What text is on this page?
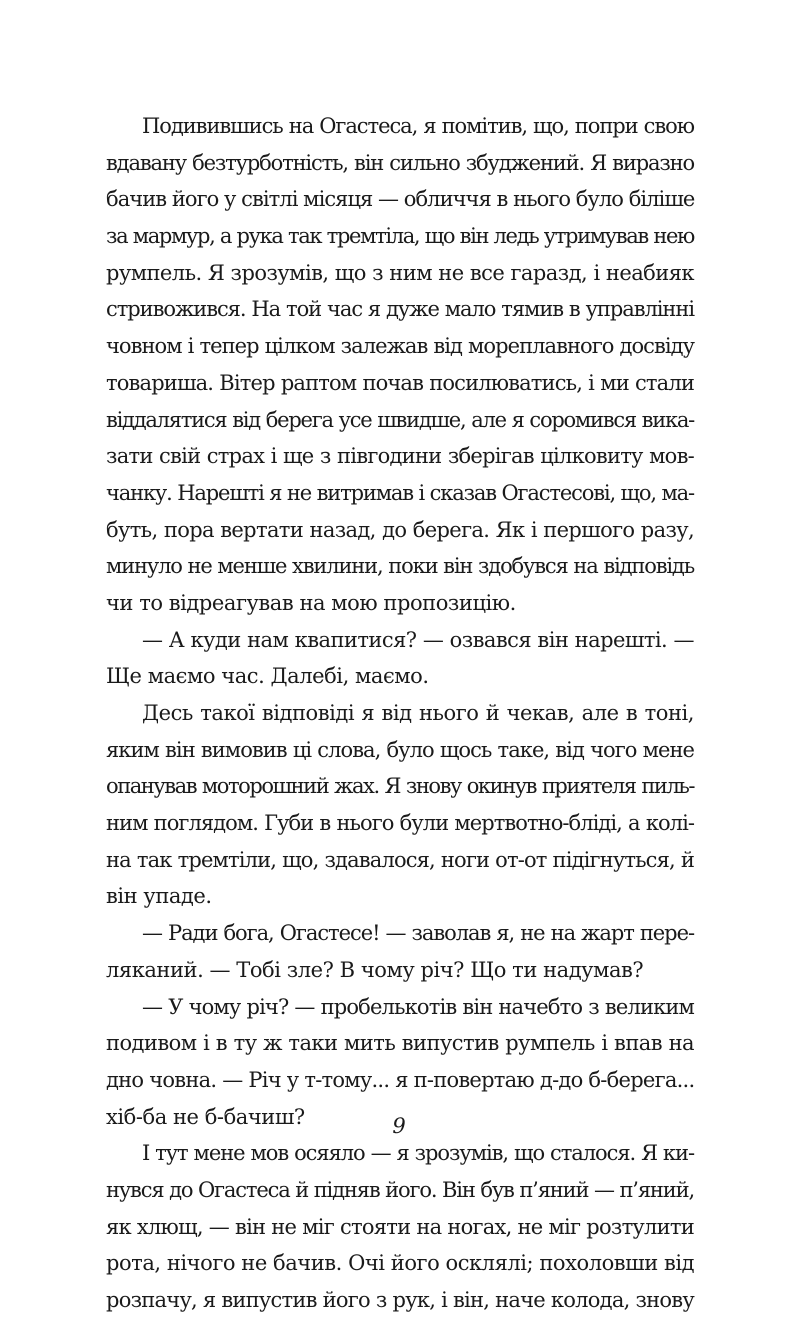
Подивившись на Огастеса, я помітив, що, попри свою
вдавану безтурботність, він сильно збуджений. Я виразно
бачив його у світлі місяця — обличчя в нього було біліше
за мармур, а рука так тремтіла, що він ледь утримував нею
румпель. Я зрозумів, що з ним не все гаразд, і неабияк
стривожився. На той час я дуже мало тямив в управлінні
човном і тепер цілком залежав від мореплавного досвіду
товариша. Вітер раптом почав посилюватись, і ми стали
віддалятися від берега усе швидше, але я соромився вика-
зати свій страх і ще з півгодини зберігав цілковиту мов-
чанку. Нарешті я не витримав і сказав Огастесові, що, ма-
буть, пора вертати назад, до берега. Як і першого разу,
минуло не менше хвилини, поки він здобувся на відповідь
чи то відреагував на мою пропозицію.
— А куди нам квапитися? — озвався він нарешті. —
Ще маємо час. Далебі, маємо.
Десь такої відповіді я від нього й чекав, але в тоні,
яким він вимовив ці слова, було щось таке, від чого мене
опанував моторошний жах. Я знову окинув приятеля пиль-
ним поглядом. Губи в нього були мертвотно-бліді, а колі-
на так тремтіли, що, здавалося, ноги от-от підігнуться, й
він упаде.
— Ради бога, Огастесе! — заволав я, не на жарт пере-
ляканий. — Тобі зле? В чому річ? Що ти надумав?
— У чому річ? — пробелькотів він начебто з великим
подивом і в ту ж таки мить випустив румпель і впав на
дно човна. — Річ у т-тому... я п-повертаю д-до б-берега...
хіб-ба не б-бачиш?
І тут мене мов осяяло — я зрозумів, що сталося. Я ки-
нувся до Огастеса й підняв його. Він був п’яний — п’яний,
як хлющ, — він не міг стояти на ногах, не міг розтулити
рота, нічого не бачив. Очі його осклялі; похоловши від
розпачу, я випустив його з рук, і він, наче колода, знову
9
